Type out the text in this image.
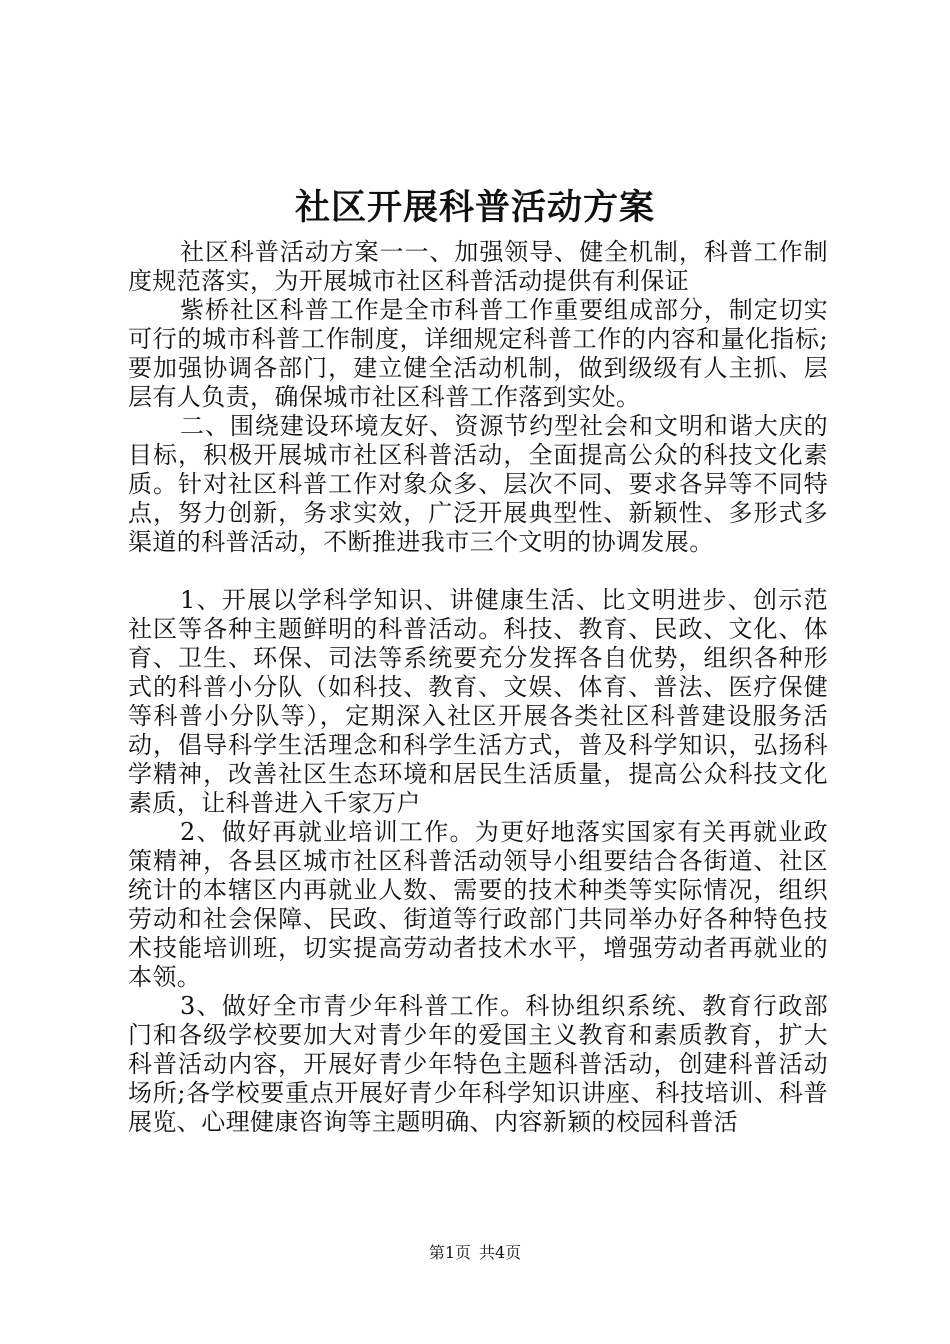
社区开展科普活动方案

社区科普活动方案一一、加强领导、健全机制，科普工作制度规范落实，为开展城市社区科普活动提供有利保证

紫桥社区科普工作是全市科普工作重要组成部分，制定切实可行的城市科普工作制度，详细规定科普工作的内容和量化指标;要加强协调各部门，建立健全活动机制，做到级级有人主抓、层层有人负责，确保城市社区科普工作落到实处。

二、围绕建设环境友好、资源节约型社会和文明和谐大庆的目标，积极开展城市社区科普活动，全面提高公众的科技文化素质。针对社区科普工作对象众多、层次不同、要求各异等不同特点，努力创新，务求实效，广泛开展典型性、新颖性、多形式多渠道的科普活动，不断推进我市三个文明的协调发展。

1、开展以学科学知识、讲健康生活、比文明进步、创示范社区等各种主题鲜明的科普活动。科技、教育、民政、文化、体育、卫生、环保、司法等系统要充分发挥各自优势，组织各种形式的科普小分队（如科技、教育、文娱、体育、普法、医疗保健等科普小分队等），定期深入社区开展各类社区科普建设服务活动，倡导科学生活理念和科学生活方式，普及科学知识，弘扬科学精神，改善社区生态环境和居民生活质量，提高公众科技文化素质，让科普进入千家万户

2、做好再就业培训工作。为更好地落实国家有关再就业政策精神，各县区城市社区科普活动领导小组要结合各街道、社区统计的本辖区内再就业人数、需要的技术种类等实际情况，组织劳动和社会保障、民政、街道等行政部门共同举办好各种特色技术技能培训班，切实提高劳动者技术水平，增强劳动者再就业的本领。

3、做好全市青少年科普工作。科协组织系统、教育行政部门和各级学校要加大对青少年的爱国主义教育和素质教育，扩大科普活动内容，开展好青少年特色主题科普活动，创建科普活动场所;各学校要重点开展好青少年科学知识讲座、科技培训、科普展览、心理健康咨询等主题明确、内容新颖的校园科普活

第1页 共4页
